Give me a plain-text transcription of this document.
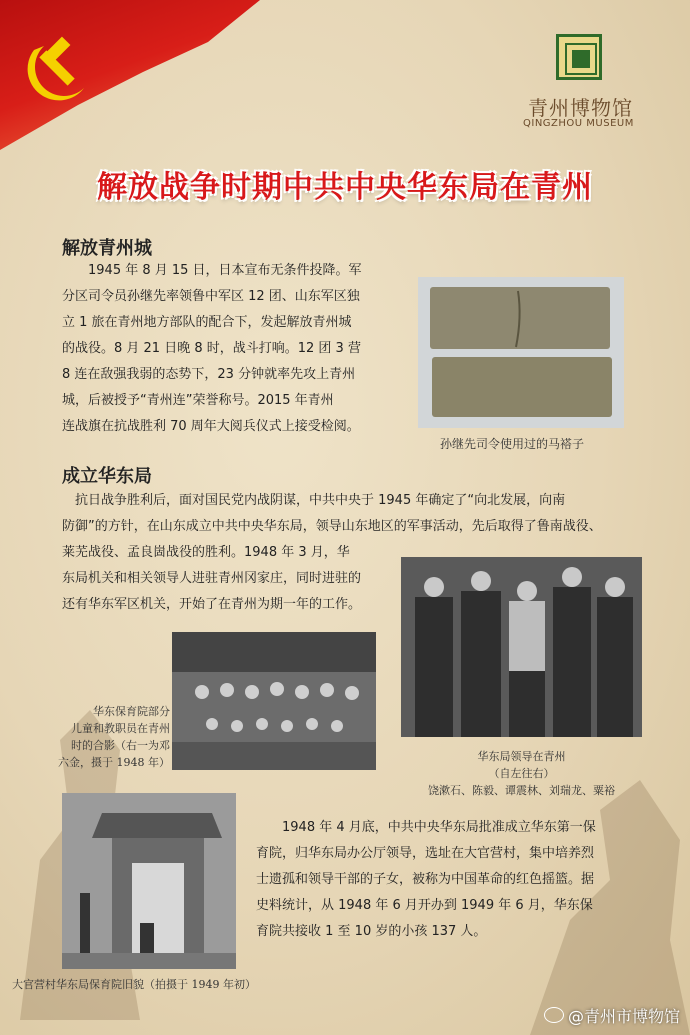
青州博物馆
QINGZHOU MUSEUM
解放战争时期中共中央华东局在青州
解放青州城
1945 年 8 月 15 日，日本宣布无条件投降。军
分区司令员孙继先率领鲁中军区 12 团、山东军区独
立 1 旅在青州地方部队的配合下，发起解放青州城
的战役。8 月 21 日晚 8 时，战斗打响。12 团 3 营
8 连在敌强我弱的态势下，23 分钟就率先攻上青州
城，后被授予“青州连”荣誉称号。2015 年青州
连战旗在抗战胜利 70 周年大阅兵仪式上接受检阅。
孙继先司令使用过的马褡子
成立华东局
抗日战争胜利后，面对国民党内战阴谋，中共中央于 1945 年确定了“向北发展，向南
防御”的方针，在山东成立中共中央华东局，领导山东地区的军事活动，先后取得了鲁南战役、
莱芜战役、孟良崮战役的胜利。1948 年 3 月，华
东局机关和相关领导人进驻青州冈家庄，同时进驻的
还有华东军区机关，开始了在青州为期一年的工作。
华东保育院部分
儿童和教职员在青州
时的合影（右一为邓
六金，摄于 1948 年）	华东局领导在青州
（自左往右）
饶漱石、陈毅、谭震林、刘瑞龙、粟裕
1948 年 4 月底，中共中央华东局批准成立华东第一保
育院，归华东局办公厅领导，选址在大官营村，集中培养烈
士遗孤和领导干部的子女，被称为中国革命的红色摇篮。据
史料统计，从 1948 年 6 月开办到 1949 年 6 月，华东保
育院共接收 1 至 10 岁的小孩 137 人。
大官营村华东局保育院旧貌（拍摄于 1949 年初）
@青州市博物馆
